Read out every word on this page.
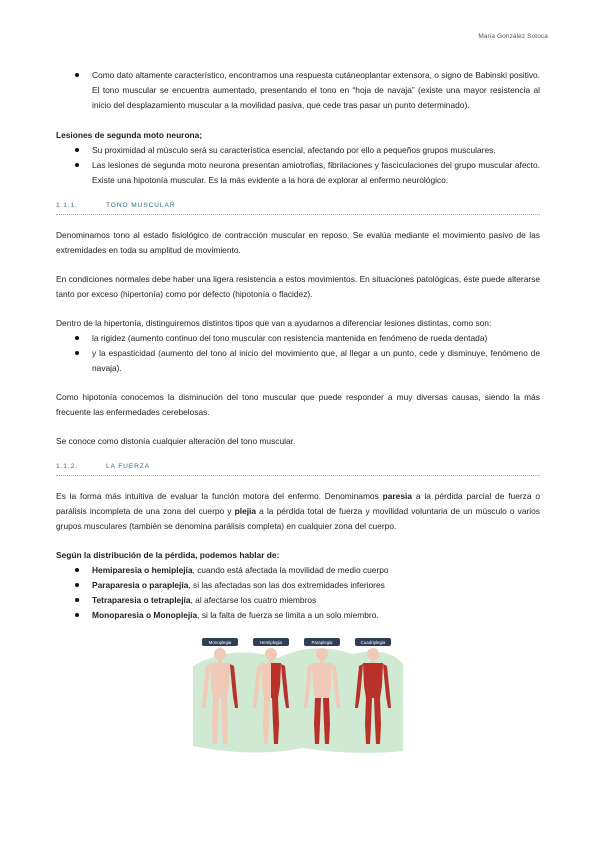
Maria González Sotoca
Como dato altamente característico, encontramos una respuesta cutáneoplantar extensora, o signo de Babinski positivo. El tono muscular se encuentra aumentado, presentando el tono en “hoja de navaja” (existe una mayor resistencia al inicio del desplazamiento muscular a la movilidad pasiva, que cede tras pasar un punto determinado).

Lesiones de segunda moto neurona;

Su proximidad al músculo será su característica esencial, afectando por ello a pequeños grupos musculares.
Las lesiones de segunda moto neurona presentan amiotrofias, fibrilaciones y fasciculaciones del grupo muscular afecto. Existe una hipotonía muscular. Es la más evidente a la hora de explorar al enfermo neurológico.
1.1.1.	TONO MUSCULAR

Denominamos tono al estado fisiológico de contracción muscular en reposo. Se evalúa mediante el movimiento pasivo de las extremidades en toda su amplitud de movimiento.

En condiciones normales debe haber una ligera resistencia a estos movimientos. En situaciones patológicas, éste puede alterarse tanto por exceso (hipertonía) como por defecto (hipotonía o flacidez).

Dentro de la hipertonía, distinguiremos distintos tipos que van a ayudarnos a diferenciar lesiones distintas, como son:

la rigidez (aumento continuo del tono muscular con resistencia mantenida en fenómeno de rueda dentada)
y la espasticidad (aumento del tono al inicio del movimiento que, al llegar a un punto, cede y disminuye, fenómeno de navaja).

Como hipotonía conocemos la disminución del tono muscular que puede responder a muy diversas causas, siendo la más frecuente las enfermedades cerebelosas.

Se conoce como distonía cualquier alteración del tono muscular.

1.1.2.	LA FUERZA

Es la forma más intuitiva de evaluar la función motora del enfermo. Denominamos paresia a la pérdida parcial de fuerza o parálisis incompleta de una zona del cuerpo y plejia a la pérdida total de fuerza y movilidad voluntaria de un músculo o varios grupos musculares (también se denomina parálisis completa) en cualquier zona del cuerpo.

Según la distribución de la pérdida, podemos hablar de:

Hemiparesia o hemiplejía, cuando está afectada la movilidad de medio cuerpo
Paraparesia o paraplejía, si las afectadas son las dos extremidades inferiores
Tetraparesia o tetraplejía, al afectarse los cuatro miembros
Monoparesia o Monoplejía, si la falta de fuerza se limita a un solo miembro.
Monoplegia	Hemiplegia	Paraplegia	Cuadriplegia
